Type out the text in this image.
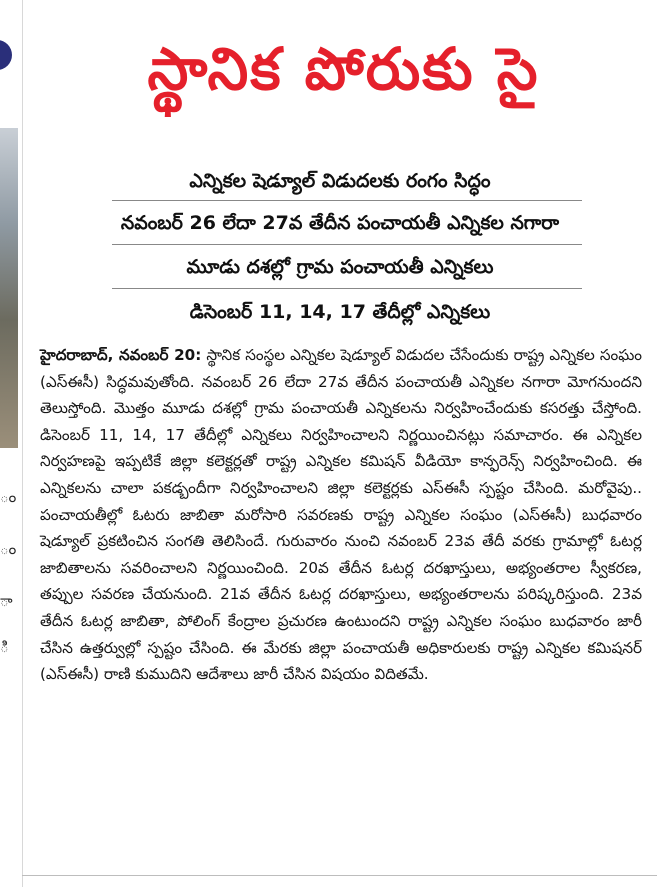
ం
ం
ా
ి
స్థానిక పోరుకు సై
ఎన్నికల షెడ్యూల్ విడుదలకు రంగం సిద్ధం
నవంబర్ 26 లేదా 27వ తేదీన పంచాయతీ ఎన్నికల నగారా
మూడు దశల్లో గ్రామ పంచాయతీ ఎన్నికలు
డిసెంబర్ 11, 14, 17 తేదీల్లో ఎన్నికలు
హైదరాబాద్, నవంబర్ 20: స్థానిక సంస్థల ఎన్నికల షెడ్యూల్ విడుదల చేసేందుకు రాష్ట్ర ఎన్నికల సంఘం (ఎస్ఈసీ) సిద్ధమవుతోంది. నవంబర్ 26 లేదా 27వ తేదీన పంచాయతీ ఎన్నికల నగారా మోగనుందని తెలుస్తోంది. మొత్తం మూడు దశల్లో గ్రామ పంచాయతీ ఎన్నికలను నిర్వహించేందుకు కసరత్తు చేస్తోంది. డిసెంబర్ 11, 14, 17 తేదీల్లో ఎన్నికలు నిర్వహించాలని నిర్ణయించినట్లు సమాచారం. ఈ ఎన్నికల నిర్వహణపై ఇప్పటికే జిల్లా కలెక్టర్లతో రాష్ట్ర ఎన్నికల కమిషన్ వీడియో కాన్ఫరెన్స్ నిర్వహించింది. ఈ ఎన్నికలను చాలా పకడ్బందీగా నిర్వహించాలని జిల్లా కలెక్టర్లకు ఎస్ఈసీ స్పష్టం చేసింది. మరోవైపు.. పంచాయతీల్లో ఓటరు జాబితా మరోసారి సవరణకు రాష్ట్ర ఎన్నికల సంఘం (ఎస్ఈసీ) బుధవారం షెడ్యూల్ ప్రకటించిన సంగతి తెలిసిందే. గురువారం నుంచి నవంబర్ 23వ తేదీ వరకు గ్రామాల్లో ఓటర్ల జాబితాలను సవరించాలని నిర్ణయించింది. 20వ తేదీన ఓటర్ల దరఖాస్తులు, అభ్యంతరాల స్వీకరణ, తప్పుల సవరణ చేయనుంది. 21వ తేదీన ఓటర్ల దరఖాస్తులు, అభ్యంతరాలను పరిష్కరిస్తుంది. 23వ తేదీన ఓటర్ల జాబితా, పోలింగ్ కేంద్రాల ప్రచురణ ఉంటుందని రాష్ట్ర ఎన్నికల సంఘం బుధవారం జారీ చేసిన ఉత్తర్వుల్లో స్పష్టం చేసింది. ఈ మేరకు జిల్లా పంచాయతీ అధికారులకు రాష్ట్ర ఎన్నికల కమిషనర్ (ఎస్ఈసీ) రాణి కుముదిని ఆదేశాలు జారీ చేసిన విషయం విదితమే.
